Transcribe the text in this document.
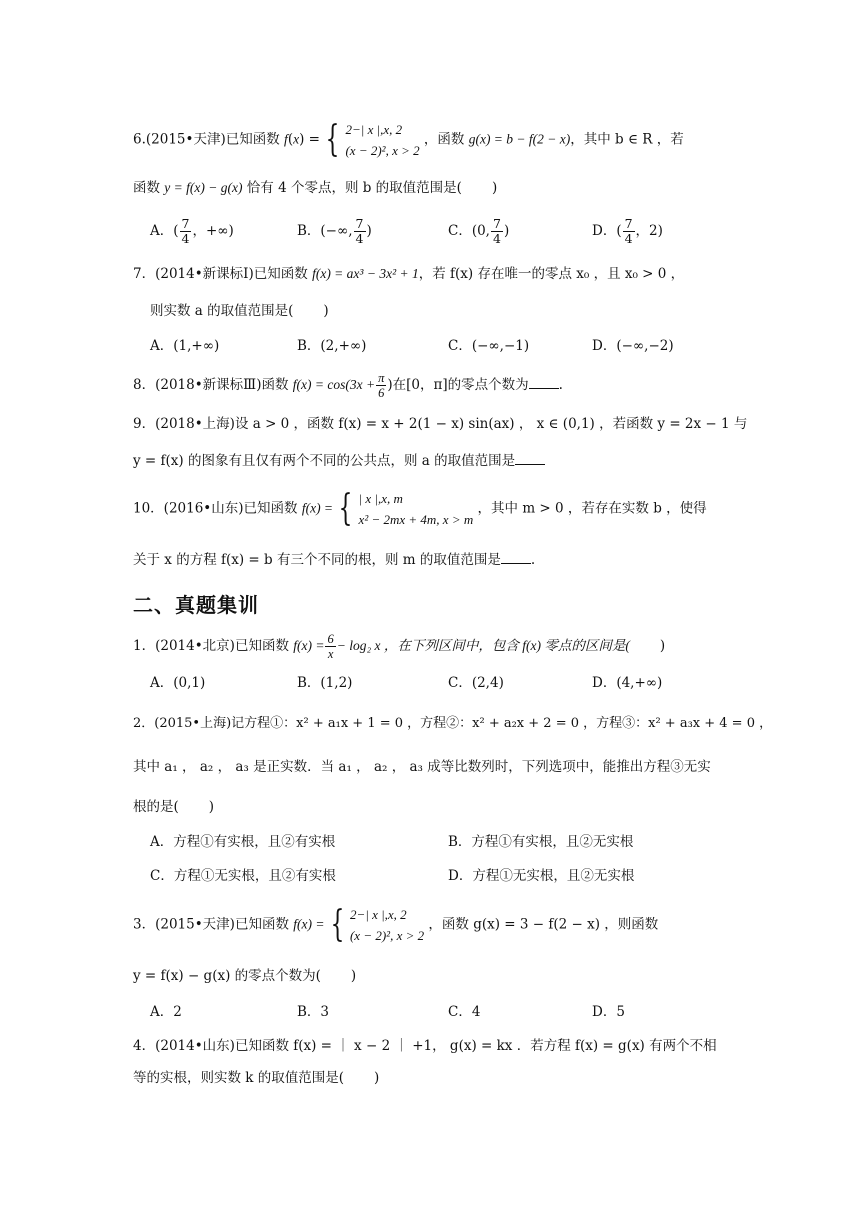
6.(2015•天津)已知函数 f(x) = { 2−| x |,x, 2
(x − 2)², x > 2
，函数 g(x) = b − f(2 − x)，其中 b ∈ R ，若
函数 y = f(x) − g(x) 恰有 4 个零点，则 b 的取值范围是( )
A．( $\frac{7}{4}$ ，+∞)	B．(−∞, $\frac{7}{4}$ )	C．(0, $\frac{7}{4}$ )	D．( $\frac{7}{4}$ ，2)
7．(2014•新课标Ⅰ)已知函数 f(x) = ax³ − 3x² + 1，若 f(x) 存在唯一的零点 x₀ ，且 x₀ > 0 ，
则实数 a 的取值范围是( )
A．(1,+∞)	B．(2,+∞)	C．(−∞,−1)	D．(−∞,−2)
8．(2018•新课标Ⅲ)函数 $f(x) = \cos(3x + \frac{\pi}{6}$ )在[0，π]的零点个数为 .
9．(2018•上海)设 a > 0 ，函数 f(x) = x + 2(1 − x) sin(ax) ， x ∈ (0,1) ，若函数 y = 2x − 1 与
y = f(x) 的图象有且仅有两个不同的公共点，则 a 的取值范围是
10．(2016•山东)已知函数 f(x) = { | x |,x, m
x² − 2mx + 4m, x > m
，其中 m > 0 ，若存在实数 b ，使得
关于 x 的方程 f(x) = b 有三个不同的根，则 m 的取值范围是 .
二、真题集训
1．(2014•北京)已知函数 $f(x) = \frac{6}{x} - \log_2$ x ，在下列区间中，包含 f(x) 零点的区间是( )
A．(0,1)	B．(1,2)	C．(2,4)	D．(4,+∞)
2．(2015•上海)记方程①：x² + a₁x + 1 = 0 ，方程②：x² + a₂x + 2 = 0 ，方程③：x² + a₃x + 4 = 0 ，
其中 a₁ ， a₂ ， a₃ 是正实数．当 a₁ ， a₂ ， a₃ 成等比数列时，下列选项中，能推出方程③无实
根的是( )
A．方程①有实根，且②有实根	B．方程①有实根，且②无实根
C．方程①无实根，且②有实根	D．方程①无实根，且②无实根
3．(2015•天津)已知函数 f(x) = { 2−| x |,x, 2
(x − 2)², x > 2
，函数 g(x) = 3 − f(2 − x) ，则函数
y = f(x) − g(x) 的零点个数为( )
A．2	B．3	C．4	D．5
4．(2014•山东)已知函数 f(x) = ｜ x − 2 ｜ +1， g(x) = kx ．若方程 f(x) = g(x) 有两个不相
等的实根，则实数 k 的取值范围是( )
